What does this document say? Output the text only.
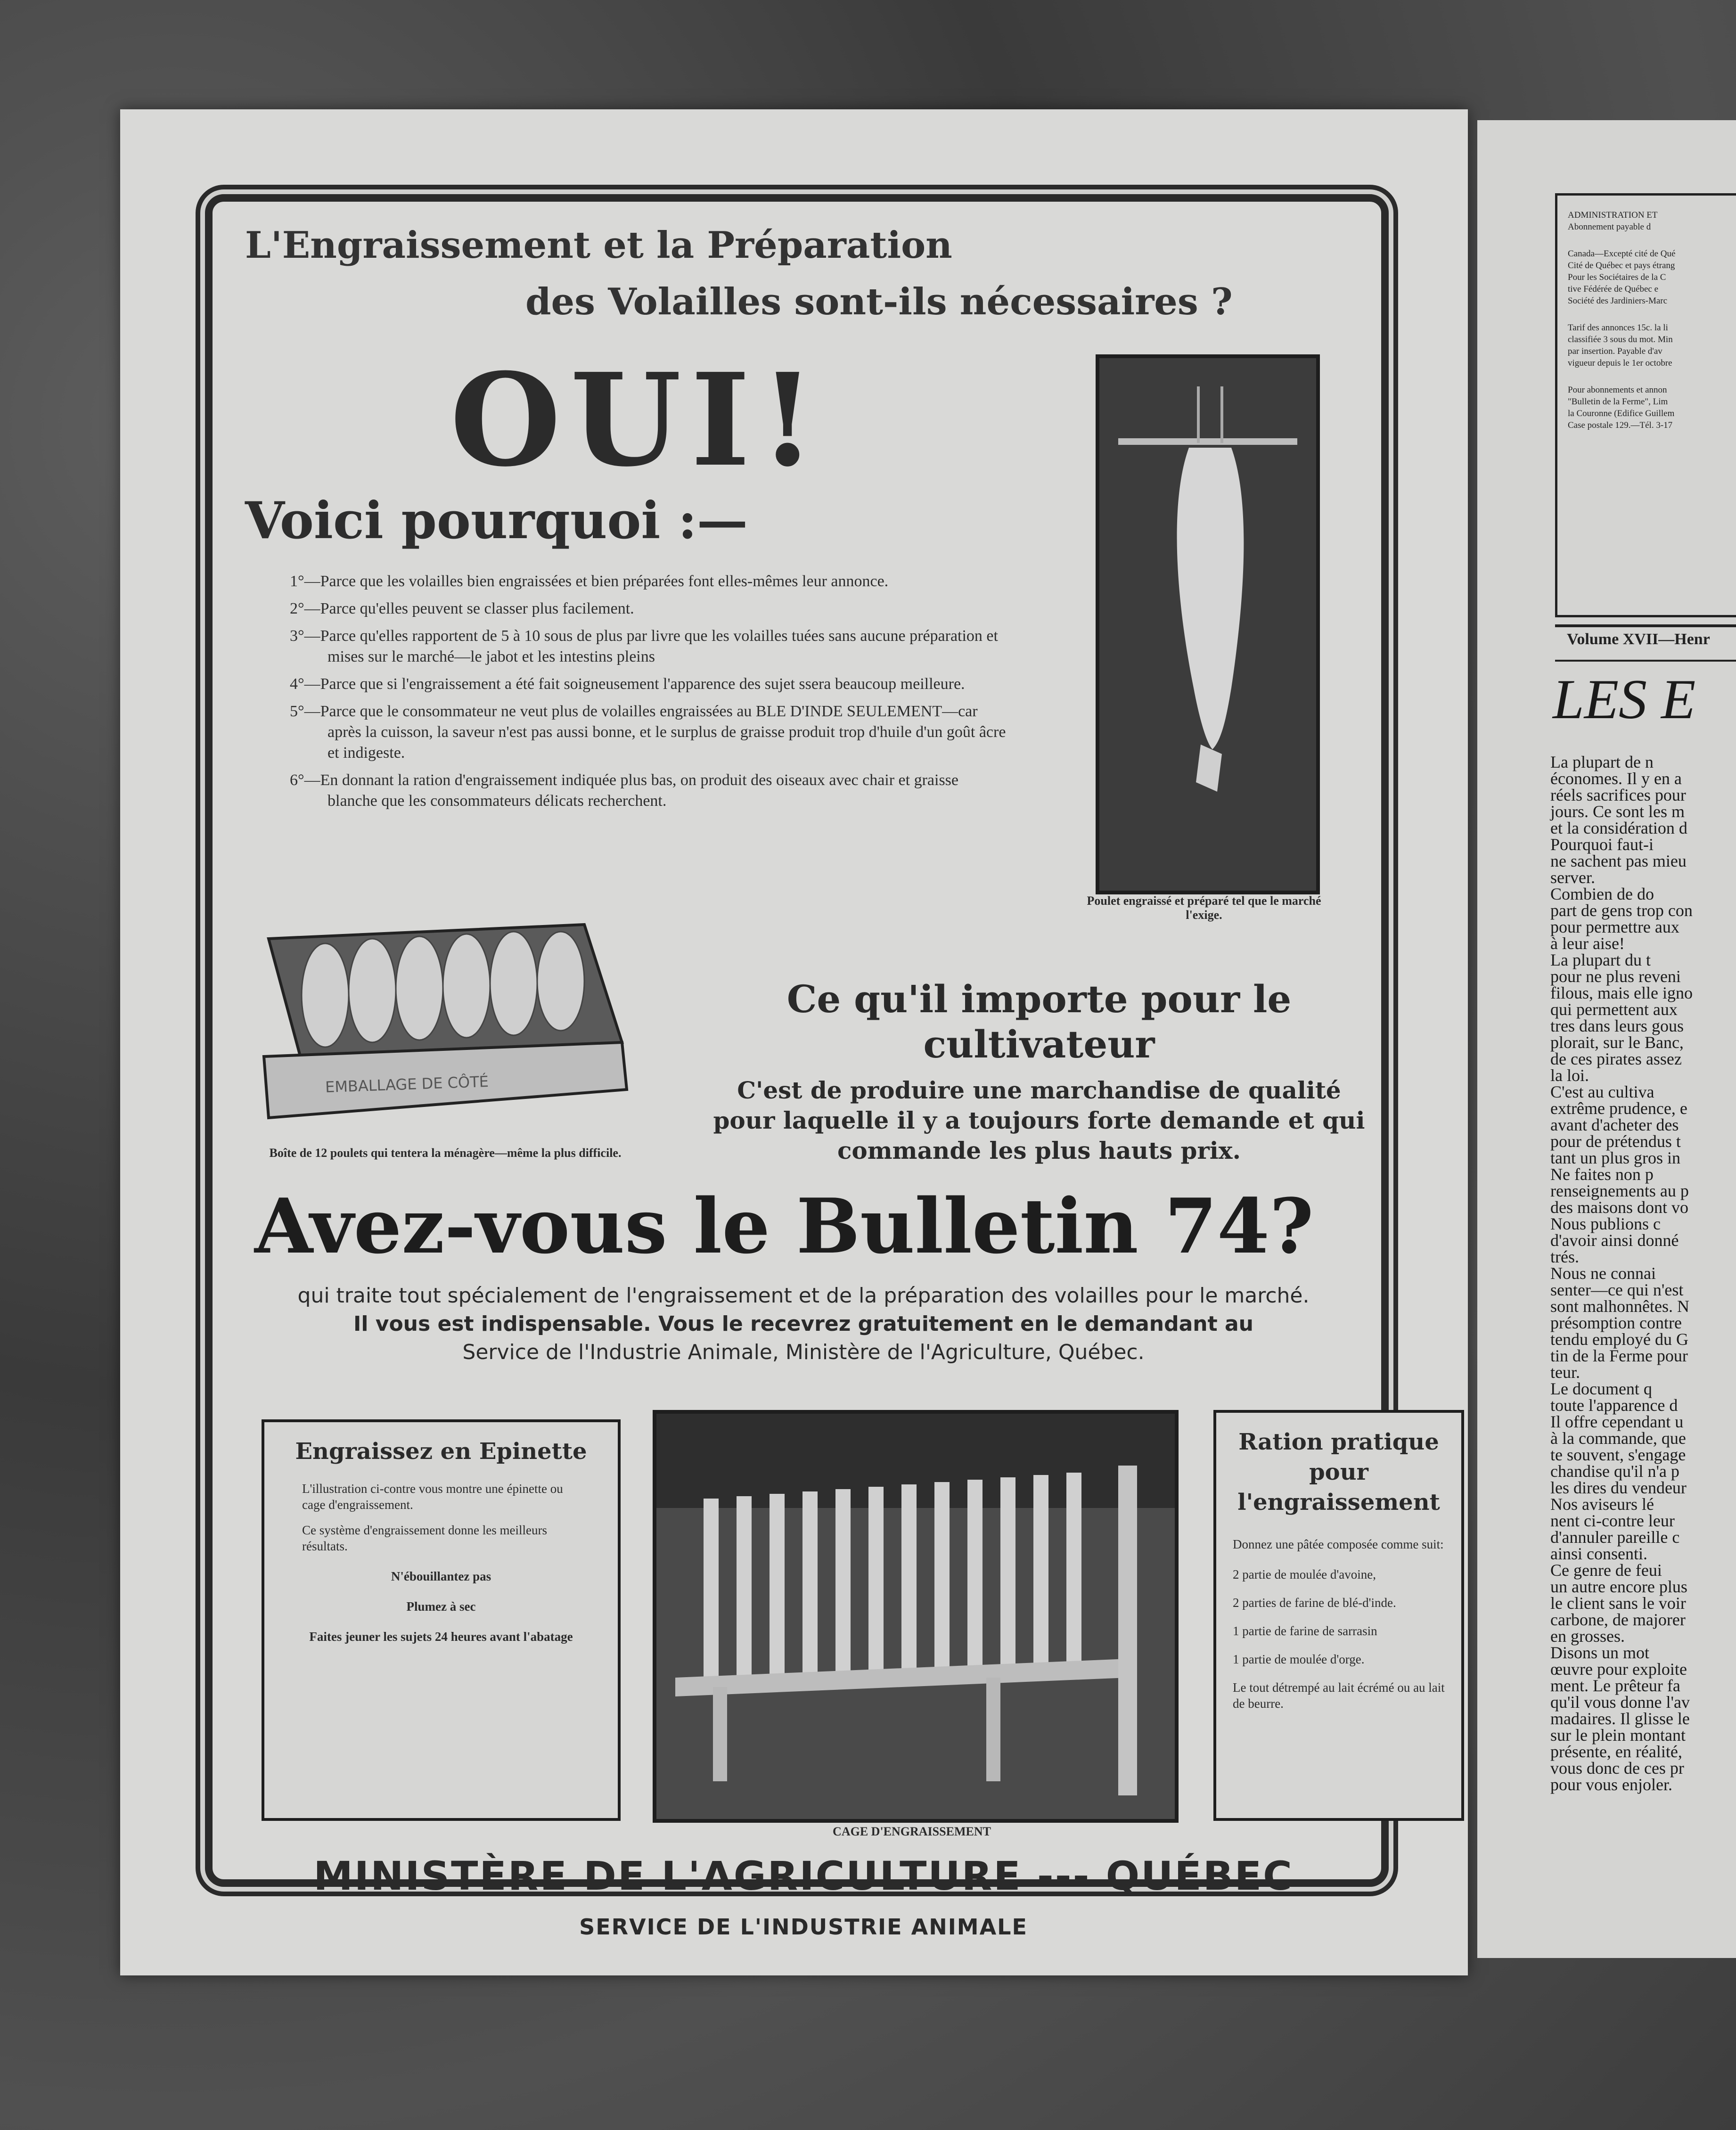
L'Engraissement et la Préparation
des Volailles sont-ils nécessaires ?
OUI!
Voici pourquoi :—

1°—Parce que les volailles bien engraissées et bien préparées font elles-mêmes leur annonce.

2°—Parce qu'elles peuvent se classer plus facilement.

3°—Parce qu'elles rapportent de 5 à 10 sous de plus par livre que les volailles tuées sans aucune préparation et mises sur le marché—le jabot et les intestins pleins

4°—Parce que si l'engraissement a été fait soigneusement l'apparence des sujet ssera beaucoup meilleure.

5°—Parce que le consommateur ne veut plus de volailles engraissées au BLE D'INDE SEULEMENT—car après la cuisson, la saveur n'est pas aussi bonne, et le surplus de graisse produit trop d'huile d'un goût âcre et indigeste.

6°—En donnant la ration d'engraissement indiquée plus bas, on produit des oiseaux avec chair et graisse blanche que les consommateurs délicats recherchent.

Poulet engraissé et préparé tel que le marché l'exige.
EMBALLAGE DE CÔTÉ
Boîte de 12 poulets qui tentera la ménagère—même la plus difficile.
Ce qu'il importe pour le cultivateur
C'est de produire une marchandise de qualité pour laquelle il y a toujours forte demande et qui commande les plus hauts prix.
Avez-vous le Bulletin 74?
qui traite tout spécialement de l'engraissement et de la préparation des volailles pour le marché.
Il vous est indispensable. Vous le recevrez gratuitement en le demandant au
Service de l'Industrie Animale, Ministère de l'Agriculture, Québec.
Engraissez en Epinette

L'illustration ci-contre vous montre une épinette ou cage d'engraissement.

Ce système d'engraissement donne les meilleurs résultats.

N'ébouillantez pas

Plumez à sec

Faites jeuner les sujets 24 heures avant l'abatage

CAGE D'ENGRAISSEMENT
Ration pratique pour l'engraissement

Donnez une pâtée composée comme suit:

2 partie de moulée d'avoine,

2 parties de farine de blé-d'inde.

1 partie de farine de sarrasin

1 partie de moulée d'orge.

Le tout détrempé au lait écrémé ou au lait de beurre.

MINISTÈRE DE L'AGRICULTURE --- QUÉBEC
SERVICE DE L'INDUSTRIE ANIMALE
ADMINISTRATION ET
Abonnement payable d
Canada—Excepté cité de Qué
Cité de Québec et pays étrang
Pour les Sociétaires de la C
tive Fédérée de Québec e
Société des Jardiniers-Marc
Tarif des annonces 15c. la li
classifiée 3 sous du mot. Min
par insertion. Payable d'av
vigueur depuis le 1er octobre
Pour abonnements et annon
"Bulletin de la Ferme", Lim
la Couronne (Edifice Guillem
Case postale 129.—Tél. 3-17
Volume XVII—Henr
LES E
La plupart de n
économes. Il y en a
réels sacrifices pour
jours. Ce sont les m
et la considération d
Pourquoi faut-i
ne sachent pas mieu
server.
Combien de do
part de gens trop con
pour permettre aux
à leur aise!
La plupart du t
pour ne plus reveni
filous, mais elle igno
qui permettent aux
tres dans leurs gous
plorait, sur le Banc,
de ces pirates assez
la loi.
C'est au cultiva
extrême prudence, e
avant d'acheter des
pour de prétendus t
tant un plus gros in
Ne faites non p
renseignements au p
des maisons dont vo
Nous publions c
d'avoir ainsi donné
trés.
Nous ne connai
senter—ce qui n'est
sont malhonnêtes. N
présomption contre
tendu employé du G
tin de la Ferme pour
teur.
Le document q
toute l'apparence d
Il offre cependant u
à la commande, que
te souvent, s'engage
chandise qu'il n'a p
les dires du vendeur
Nos aviseurs lé
nent ci-contre leur
d'annuler pareille c
ainsi consenti.
Ce genre de feui
un autre encore plus
le client sans le voir
carbone, de majorer
en grosses.
Disons un mot
œuvre pour exploite
ment. Le prêteur fa
qu'il vous donne l'av
madaires. Il glisse le
sur le plein montant
présente, en réalité,
vous donc de ces pr
pour vous enjoler.
